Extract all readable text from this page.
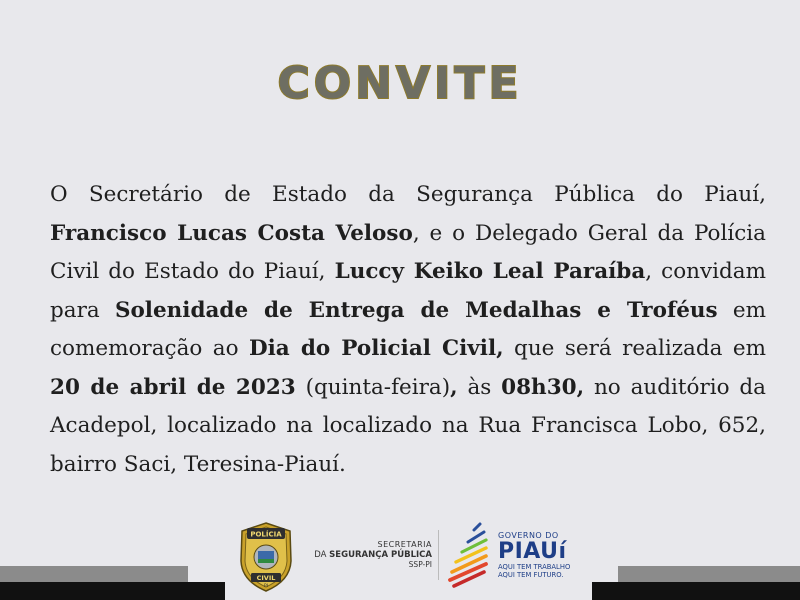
CONVITE
O Secretário de Estado da Segurança Pública do Piauí, Francisco Lucas Costa Veloso, e o Delegado Geral da Polícia Civil do Estado do Piauí, Luccy Keiko Leal Paraíba, convidam para Solenidade de Entrega de Medalhas e Troféus em comemoração ao Dia do Policial Civil, que será realizada em 20 de abril de 2023 (quinta-feira), às 08h30, no auditório da Acadepol, localizado na localizado na Rua Francisca Lobo, 652, bairro Saci, Teresina-Piauí.
POLÍCIA
CIVIL
PI
SECRETARIA
DA SEGURANÇA PÚBLICA
SSP-PI
GOVERNO DO
PIAUí
AQUI TEM TRABALHO
AQUI TEM FUTURO.
